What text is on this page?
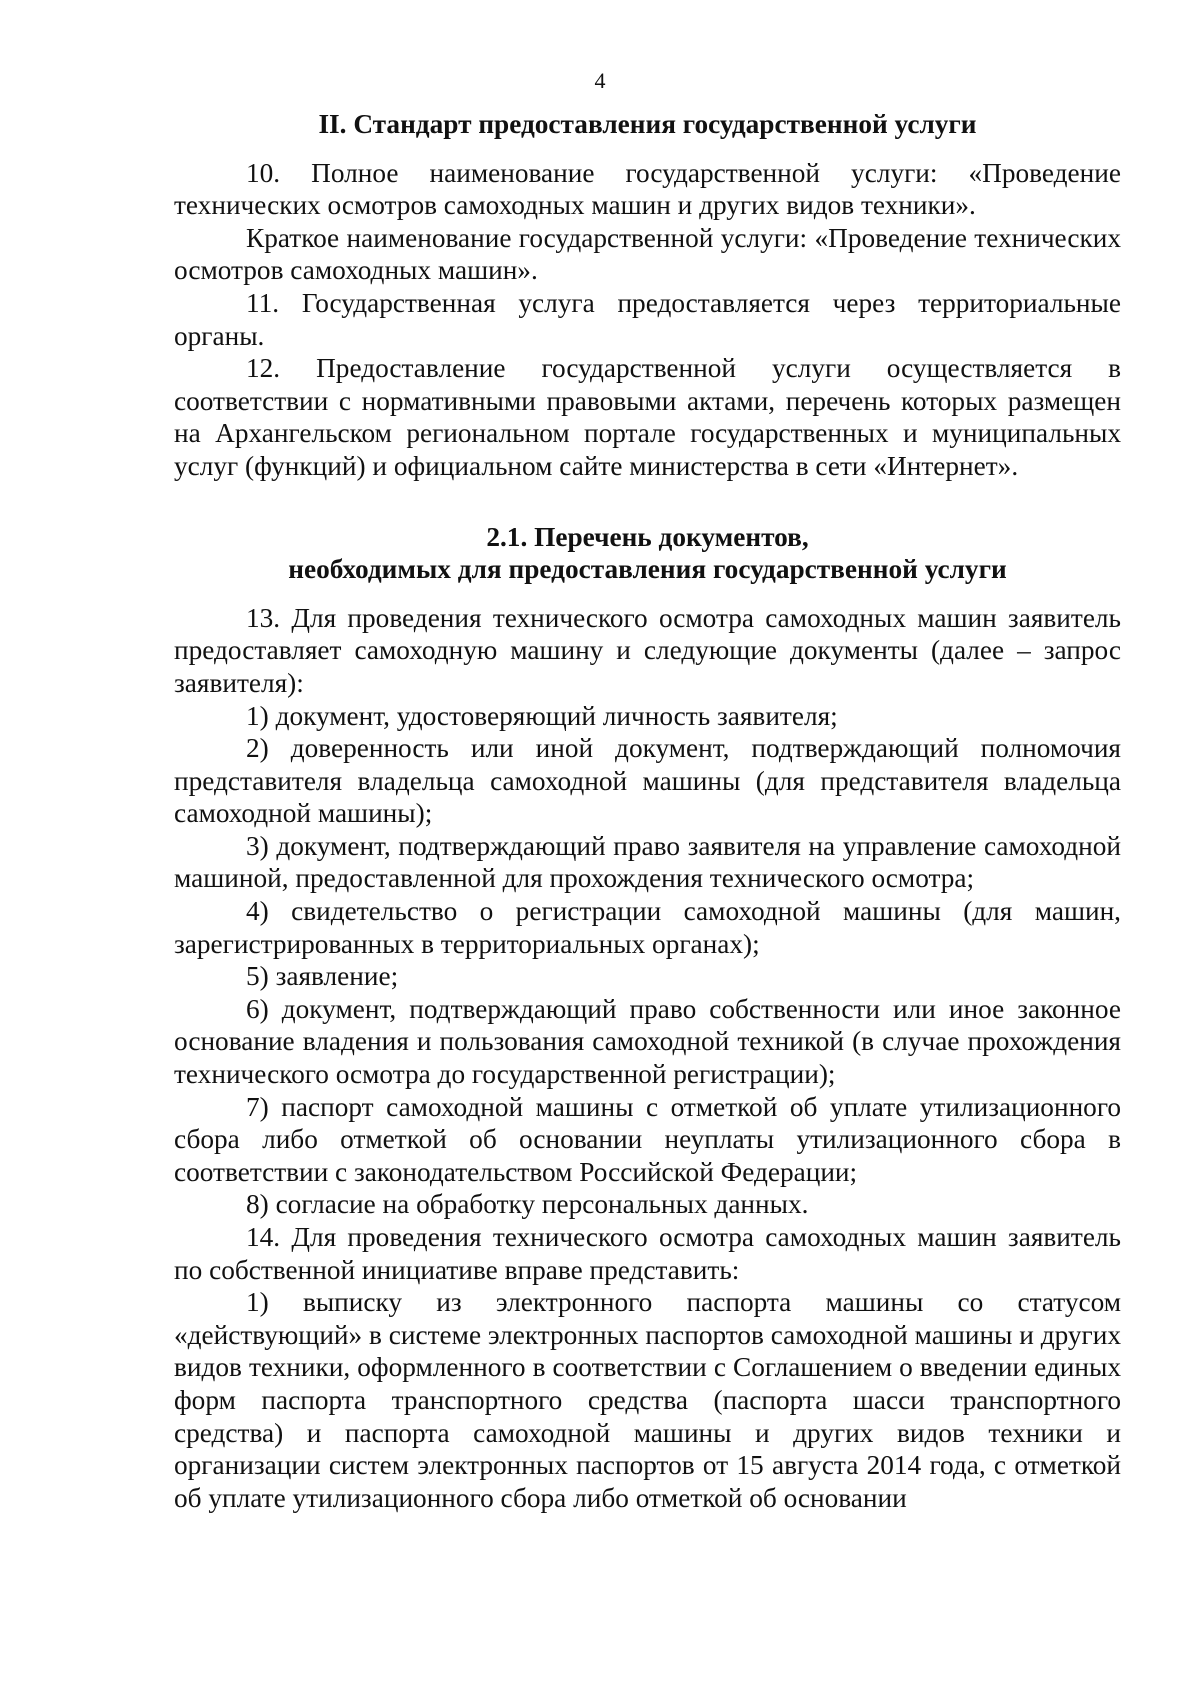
4
II. Стандарт предоставления государственной услуги

10. Полное наименование государственной услуги: «Проведение технических осмотров самоходных машин и других видов техники».

Краткое наименование государственной услуги: «Проведение технических осмотров самоходных машин».

11. Государственная услуга предоставляется через территориальные органы.

12. Предоставление государственной услуги осуществляется в соответствии с нормативными правовыми актами, перечень которых размещен на Архангельском региональном портале государственных и муниципальных услуг (функций) и официальном сайте министерства в сети «Интернет».

2.1. Перечень документов,
необходимых для предоставления государственной услуги

13. Для проведения технического осмотра самоходных машин заявитель предоставляет самоходную машину и следующие документы (далее – запрос заявителя):

1) документ, удостоверяющий личность заявителя;

2) доверенность или иной документ, подтверждающий полномочия представителя владельца самоходной машины (для представителя владельца самоходной машины);

3) документ, подтверждающий право заявителя на управление самоходной машиной, предоставленной для прохождения технического осмотра;

4) свидетельство о регистрации самоходной машины (для машин, зарегистрированных в территориальных органах);

5) заявление;

6) документ, подтверждающий право собственности или иное законное основание владения и пользования самоходной техникой (в случае прохождения технического осмотра до государственной регистрации);

7) паспорт самоходной машины с отметкой об уплате утилизационного сбора либо отметкой об основании неуплаты утилизационного сбора в соответствии с законодательством Российской Федерации;

8) согласие на обработку персональных данных.

14. Для проведения технического осмотра самоходных машин заявитель по собственной инициативе вправе представить:

1) выписку из электронного паспорта машины со статусом «действующий» в системе электронных паспортов самоходной машины и других видов техники, оформленного в соответствии с Соглашением о введении единых форм паспорта транспортного средства (паспорта шасси транспортного средства) и паспорта самоходной машины и других видов техники и организации систем электронных паспортов от 15 августа 2014 года, с отметкой об уплате утилизационного сбора либо отметкой об основании
